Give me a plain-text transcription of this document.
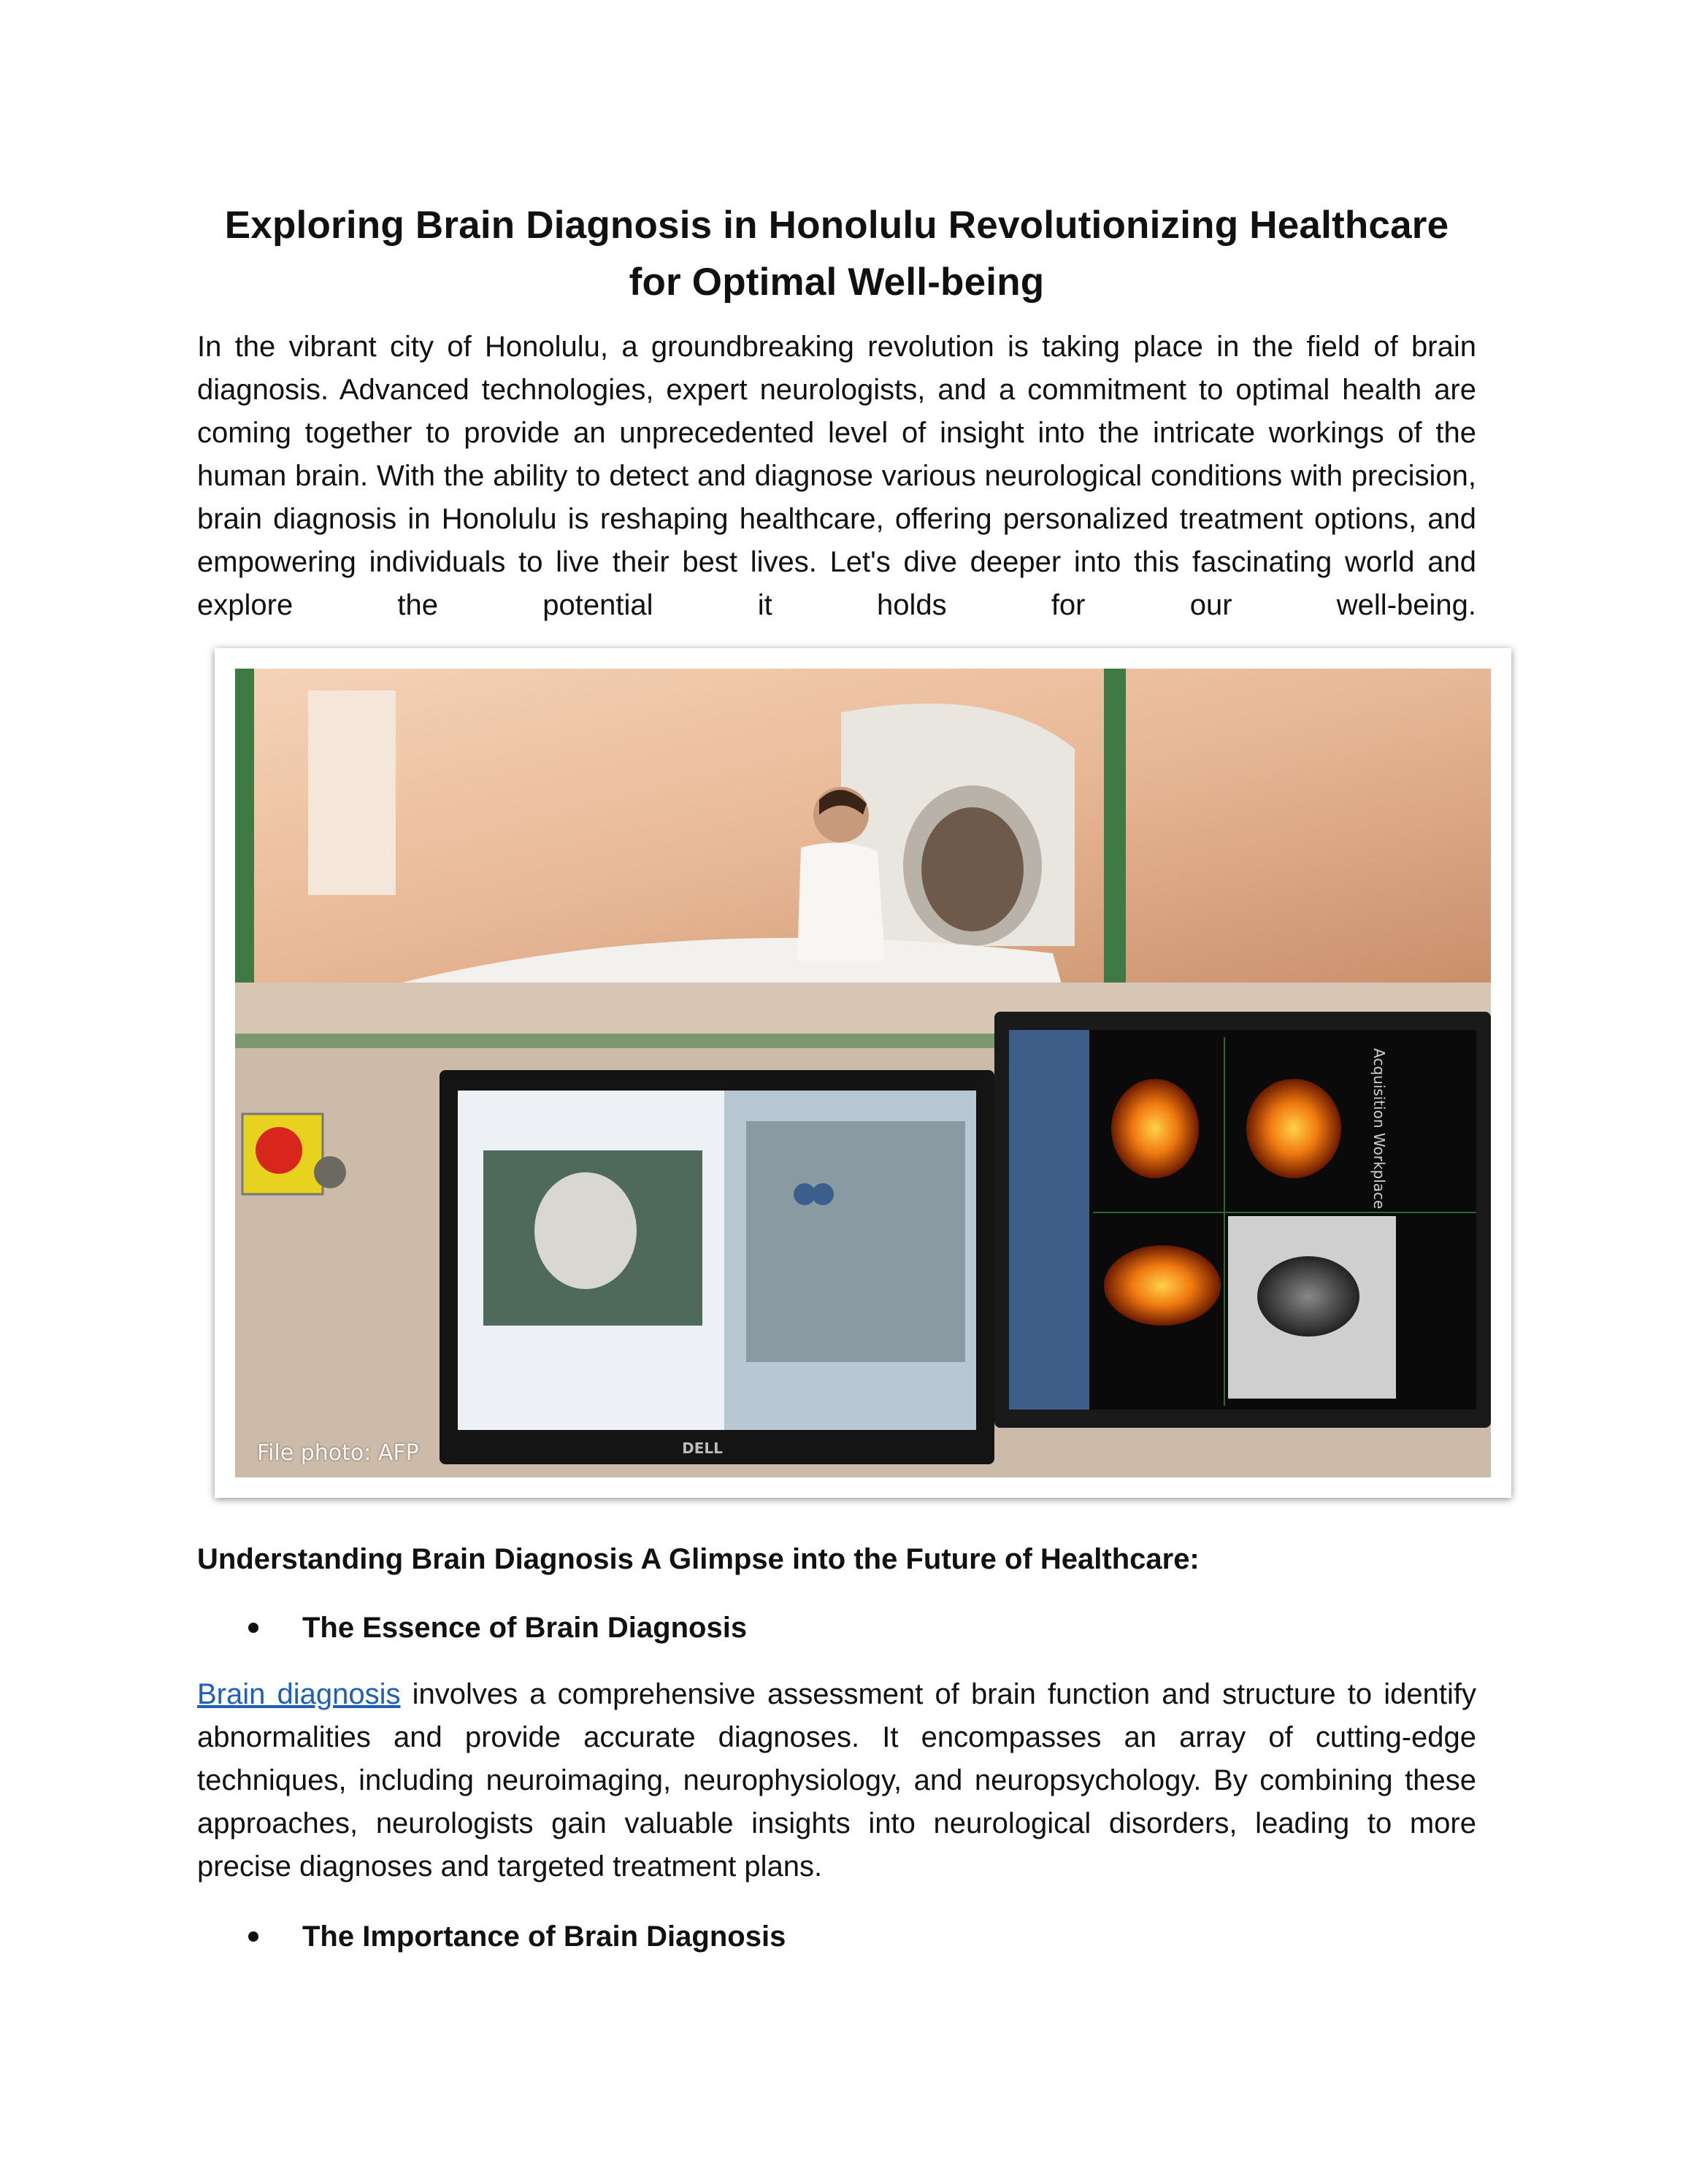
Exploring Brain Diagnosis in Honolulu Revolutionizing Healthcare for Optimal Well-being

In the vibrant city of Honolulu, a groundbreaking revolution is taking place in the field of brain diagnosis. Advanced technologies, expert neurologists, and a commitment to optimal health are coming together to provide an unprecedented level of insight into the intricate workings of the human brain. With the ability to detect and diagnose various neurological conditions with precision, brain diagnosis in Honolulu is reshaping healthcare, offering personalized treatment options, and empowering individuals to live their best lives. Let's dive deeper into this fascinating world and explore the potential it holds for our well-being.

DELL
Acquisition Workplace
File photo: AFP

Understanding Brain Diagnosis A Glimpse into the Future of Healthcare:

The Essence of Brain Diagnosis

Brain diagnosis involves a comprehensive assessment of brain function and structure to identify abnormalities and provide accurate diagnoses. It encompasses an array of cutting-edge techniques, including neuroimaging, neurophysiology, and neuropsychology. By combining these approaches, neurologists gain valuable insights into neurological disorders, leading to more precise diagnoses and targeted treatment plans.

The Importance of Brain Diagnosis
